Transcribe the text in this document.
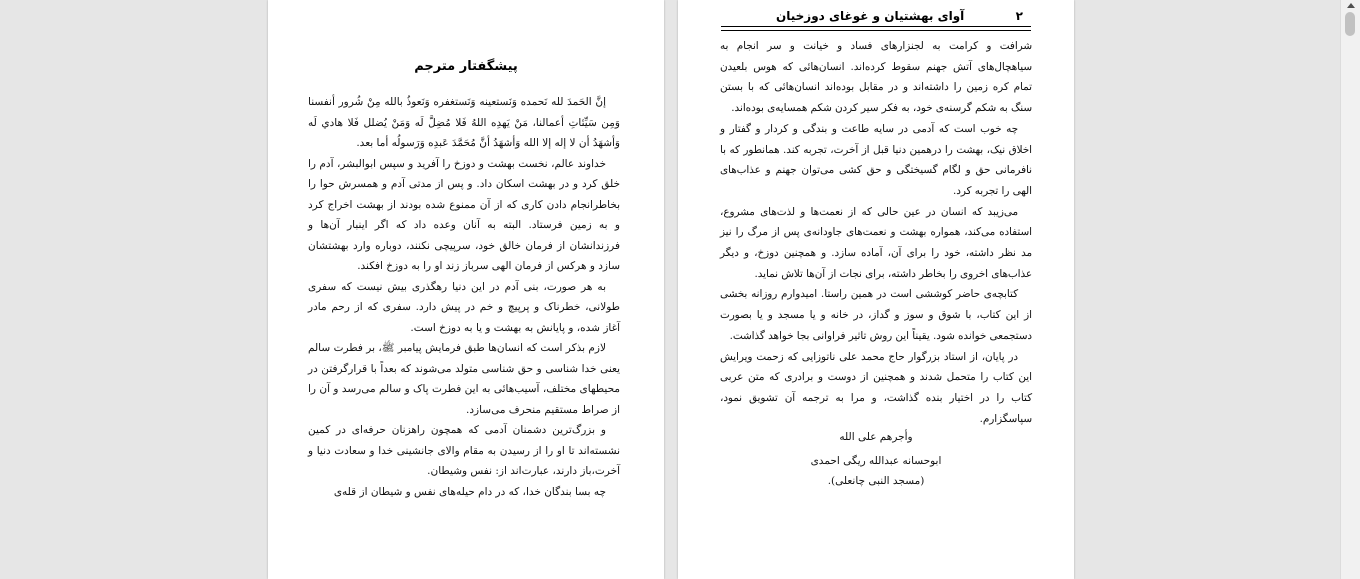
پیشگفتار مترجم

إنَّ الحَمدَ لله نَحمده وَنَستعینه وَنَستغفره وَنَعوذُ بالله مِنْ شُرور أنفسنا وَمِن سَیِّئاتِ أعمالنا، مَنْ یَهدِه اللهُ فَلا مُضِلَّ لَه وَمَنْ یُضلل فَلا هادي لَه وَأشهَدُ أن لا إله إلا الله وَأشهَدُ أنَّ مُحَمَّدَ عَبدِه وَرَسولُه أما بعد.

خداوند عالم، نخست بهشت و دوزخ را آفرید و سپس ابوالبشر، آدم را خلق کرد و در بهشت اسکان داد. و پس از مدتی آدم و همسرش حوا را بخاطرانجام دادن کاری که از آن ممنوع شده بودند از بهشت اخراج کرد و به زمین فرستاد. البته به آنان وعده داد که اگر اینبار آن‌ها و فرزندانشان از فرمان خالق خود، سرپیچی نکنند، دوباره وارد بهشتشان سازد و هرکس از فرمان الهی سرباز زند او را به دوزخ افکند.

به هر صورت، بنی آدم در این دنیا رهگذری بیش نیست که سفری طولانی، خطرناک و پرپیچ و خم در پیش دارد. سفری که از رحم مادر آغاز شده، و پایانش به بهشت و یا به دوزخ است.

لازم بذکر است که انسان‌ها طبق فرمایش پیامبر ﷺ، بر فطرت سالم یعنی خدا شناسی و حق شناسی متولد می‌شوند که بعداً با قرارگرفتن در محیطهای مختلف، آسیب‌هائی به این فطرت پاک و سالم می‌رسد و آن را از صراط مستقیم منحرف می‌سازد.

و بزرگ‌ترین دشمنان آدمی که همچون راهزنان حرفه‌ای در کمین نشسته‌اند تا او را از رسیدن به مقام والای جانشینی خدا و سعادت دنیا و آخرت،باز دارند، عبارت‌اند از: نفس وشیطان.

چه بسا بندگان خدا، که در دام حیله‌های نفس و شیطان از قله‌ی

٢
آوای بهشتیان و غوغای دوزخیان

شرافت و کرامت به لجنزارهای فساد و خیانت و سر انجام به سیاهچال‌های آتش جهنم سقوط کرده‌اند. انسان‌هائی که هوس بلعیدن تمام کره زمین را داشته‌اند و در مقابل بوده‌اند انسان‌هائی که با بستن سنگ به شکم گرسنه‌ی خود، به فکر سیر کردن شکم همسایه‌ی بوده‌اند.

چه خوب است که آدمی در سایه طاعت و بندگی و کردار و گفتار و اخلاق نیک، بهشت را درهمین دنیا قبل از آخرت، تجربه کند. همانطور که با نافرمانی حق و لگام گسیختگی و حق کشی می‌توان جهنم و عذاب‌های الهی را تجربه کرد.

می‌زیبد که انسان در عین حالی که از نعمت‌ها و لذت‌های مشروع، استفاده می‌کند، همواره بهشت و نعمت‌های جاودانه‌ی پس از مرگ را نیز مد نظر داشته، خود را برای آن، آماده سازد. و همچنین دوزخ، و دیگر عذاب‌های اخروی را بخاطر داشته، برای نجات از آن‌ها تلاش نماید.

کتابچه‌ی حاضر کوششی است در همین راستا. امیدوارم روزانه بخشی از این کتاب، با شوق و سوز و گداز، در خانه و یا مسجد و یا بصورت دستجمعی خوانده شود. یقیناً این روش تاثیر فراوانی بجا خواهد گذاشت.

در پایان، از استاد بزرگوار حاج محمد علی ناتوزایی که زحمت ویرایش این کتاب را متحمل شدند و همچنین از دوست و برادری که متن عربی کتاب را در اختیار بنده گذاشت، و مرا به ترجمه آن تشویق نمود، سپاسگزارم.

وأجرهم علی الله
ابوحسانه عبدالله ریگی احمدی
(مسجد النبی چانعلی).
